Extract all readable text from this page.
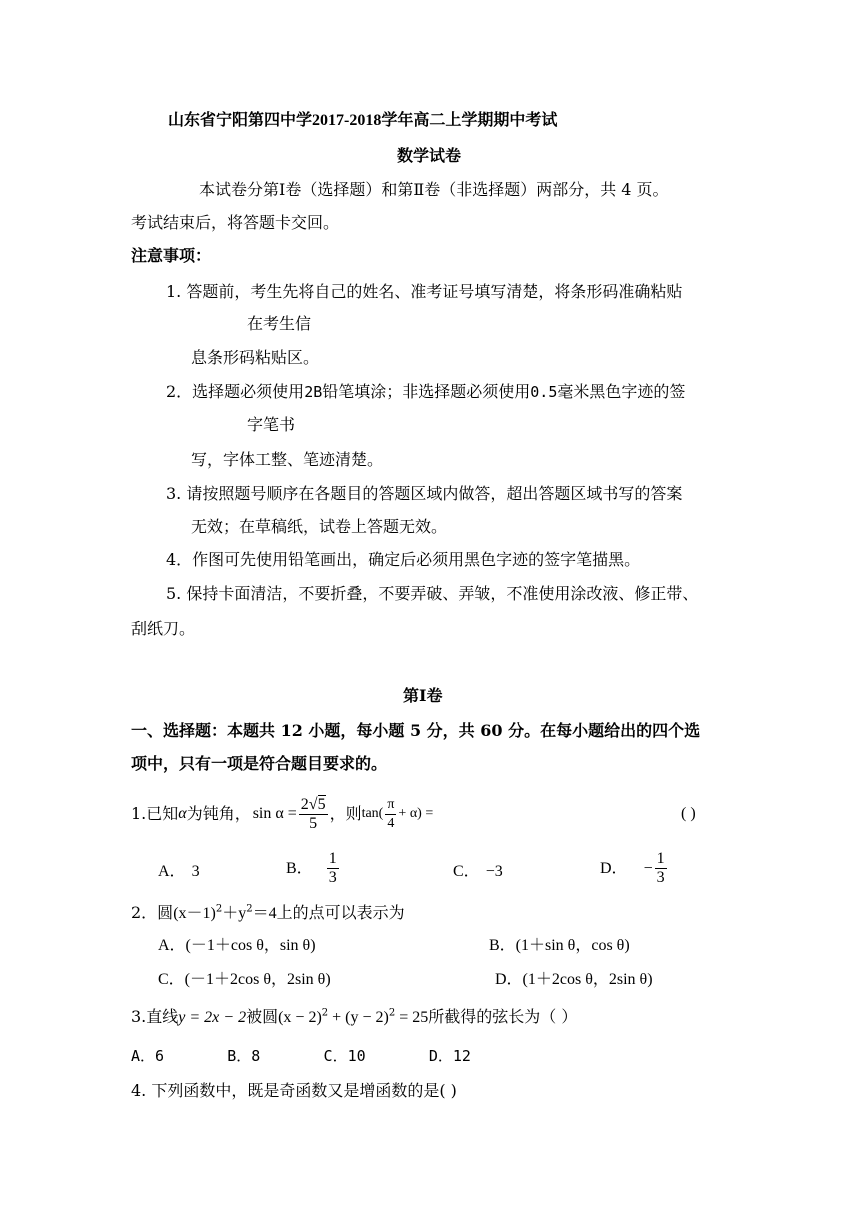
山东省宁阳第四中学2017-2018学年高二上学期期中考试
数学试卷
本试卷分第Ⅰ卷（选择题）和第Ⅱ卷（非选择题）两部分，共 4 页。
考试结束后，将答题卡交回。
注意事项：
1. 答题前，考生先将自己的姓名、准考证号填写清楚，将条形码准确粘贴
在考生信
息条形码粘贴区。
2．选择题必须使用2B铅笔填涂；非选择题必须使用0.5毫米黑色字迹的签
字笔书
写，字体工整、笔迹清楚。
3. 请按照题号顺序在各题目的答题区域内做答，超出答题区域书写的答案
无效；在草稿纸，试卷上答题无效。
4．作图可先使用铅笔画出，确定后必须用黑色字迹的签字笔描黑。
5. 保持卡面清洁，不要折叠，不要弄破、弄皱，不准使用涂改液、修正带、
刮纸刀。
第Ⅰ卷
一、选择题：本题共 12 小题，每小题 5 分，共 60 分。在每小题给出的四个选
项中，只有一项是符合题目要求的。
1.已知 α 为钝角， $\sin \alpha = \frac{2√5}{5}$ ，则 $\tan( \frac{\pi}{4} + \alpha)$ =	( )
A． 3	B． $\frac{1}{3}$	C． −3	D． − $\frac{1}{3}$
2．圆$(x-1)^2+y^2=4$上的点可以表示为
A．(－1＋cos θ，sin θ)	B．(1＋sin θ，cos θ)
C．(－1＋2cos θ，2sin θ)	D．(1＋2cos θ，2sin θ)
3.直线y = 2x − 2被圆$(x - 2)^2 + (y - 2)^2 = 25$所截得的弦长为（ ）
A．6       B．8       C．10       D．12
4. 下列函数中，既是奇函数又是增函数的是( )
